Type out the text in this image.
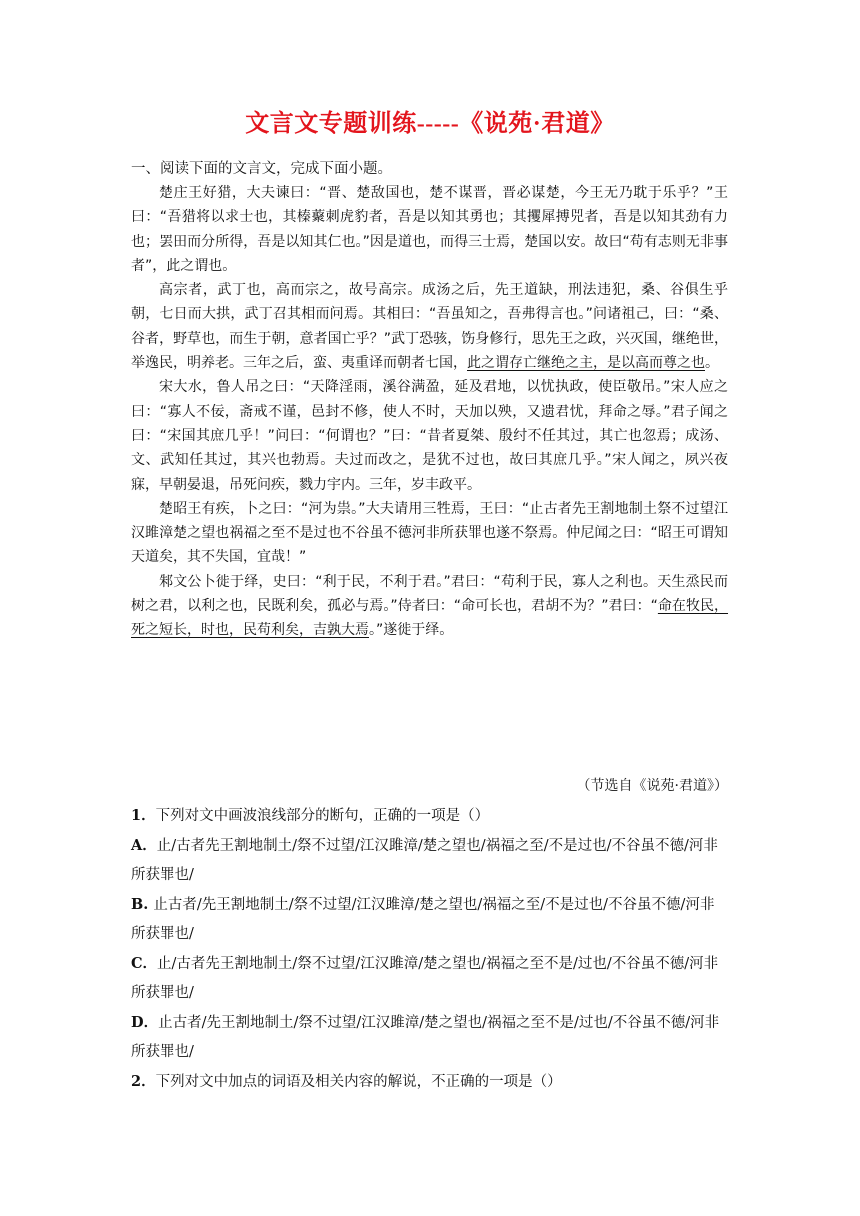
文言文专题训练-----《说苑·君道》
一、阅读下面的文言文，完成下面小题。

楚庄王好猎，大夫谏曰：“晋、楚敌国也，楚不谋晋，晋必谋楚，今王无乃耽于乐乎？”王曰：“吾猎将以求士也，其榛藂刺虎豹者，吾是以知其勇也；其攫犀搏兕者，吾是以知其劲有力也；罢田而分所得，吾是以知其仁也。”因是道也，而得三士焉，楚国以安。故曰“苟有志则无非事者”，此之谓也。

高宗者，武丁也，高而宗之，故号高宗。成汤之后，先王道缺，刑法违犯，桑、谷俱生乎朝，七日而大拱，武丁召其相而问焉。其相曰：“吾虽知之，吾弗得言也。”问诸祖己，曰：“桑、谷者，野草也，而生于朝，意者国亡乎？”武丁恐骇，饬身修行，思先王之政，兴灭国，继绝世，举逸民，明养老。三年之后，蛮、夷重译而朝者七国，此之谓存亡继绝之主，是以高而尊之也。

宋大水，鲁人吊之曰：“天降淫雨，溪谷满盈，延及君地，以忧执政，使臣敬吊。”宋人应之曰：“寡人不佞，斋戒不谨，邑封不修，使人不时，天加以殃，又遗君忧，拜命之辱。”君子闻之曰：“宋国其庶几乎！”问曰：“何谓也？”曰：“昔者夏桀、殷纣不任其过，其亡也忽焉；成汤、文、武知任其过，其兴也勃焉。夫过而改之，是犹不过也，故曰其庶几乎。”宋人闻之，夙兴夜寐，早朝晏退，吊死问疾，戮力宇内。三年，岁丰政平。

楚昭王有疾，卜之曰：“河为祟。”大夫请用三牲焉，王曰：“止古者先王割地制土祭不过望江汉雎漳楚之望也祸福之至不是过也不谷虽不德河非所获罪也遂不祭焉。仲尼闻之曰：“昭王可谓知天道矣，其不失国，宜哉！”

邾文公卜徙于绎，史曰：“利于民，不利于君。”君曰：“苟利于民，寡人之利也。天生烝民而树之君，以利之也，民既利矣，孤必与焉。”侍者曰：“命可长也，君胡不为？”君曰：“命在牧民，死之短长，时也，民苟利矣，吉孰大焉。”遂徙于绎。

（节选自《说苑·君道》）

1．下列对文中画波浪线部分的断句，正确的一项是（）

A．止/古者先王割地制土/祭不过望/江汉雎漳/楚之望也/祸福之至/不是过也/不谷虽不德/河非所获罪也/

B. 止古者/先王割地制土/祭不过望/江汉雎漳/楚之望也/祸福之至/不是过也/不谷虽不德/河非所获罪也/

C．止/古者先王割地制土/祭不过望/江汉雎漳/楚之望也/祸福之至不是/过也/不谷虽不德/河非所获罪也/

D．止古者/先王割地制土/祭不过望/江汉雎漳/楚之望也/祸福之至不是/过也/不谷虽不德/河非所获罪也/

2．下列对文中加点的词语及相关内容的解说，不正确的一项是（）
